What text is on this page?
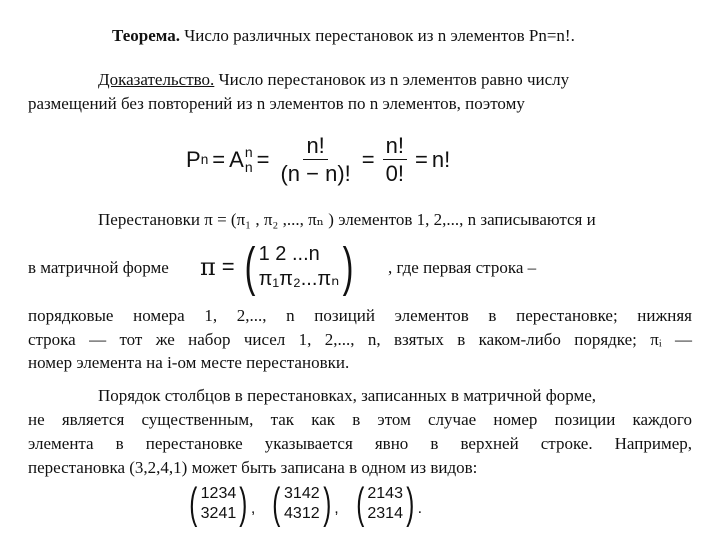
Теорема. Число различных перестановок из n элементов Pn=n!.
Доказательство. Число перестановок из n элементов равно числу
размещений без повторений из n элементов по n элементов, поэтому
P n = A n
$n = \frac{n!}{(n - n)!} = \frac{n!}{0!} = n$!
Перестановки π = (π₁ , π₂ ,..., πₙ ) элементов 1, 2,..., n записываются и
в матричной форме π = ( 1 2 ...n
π₁π₂...πₙ ) , где первая строка –
порядковые номера 1, 2,..., n позиций элементов в перестановке; нижняя
строка — тот же набор чисел 1, 2,..., n, взятых в каком-либо порядке; πᵢ —
номер элемента на i-ом месте перестановки.
Порядок столбцов в перестановках, записанных в матричной форме,
не является существенным, так как в этом случае номер позиции каждого
элемента в перестановке указывается явно в верхней строке. Например,
перестановка (3,2,4,1) может быть записана в одном из видов:
( 1234
3241 ) , ( 3142
4312 ) , ( 2143
2314 ) .
